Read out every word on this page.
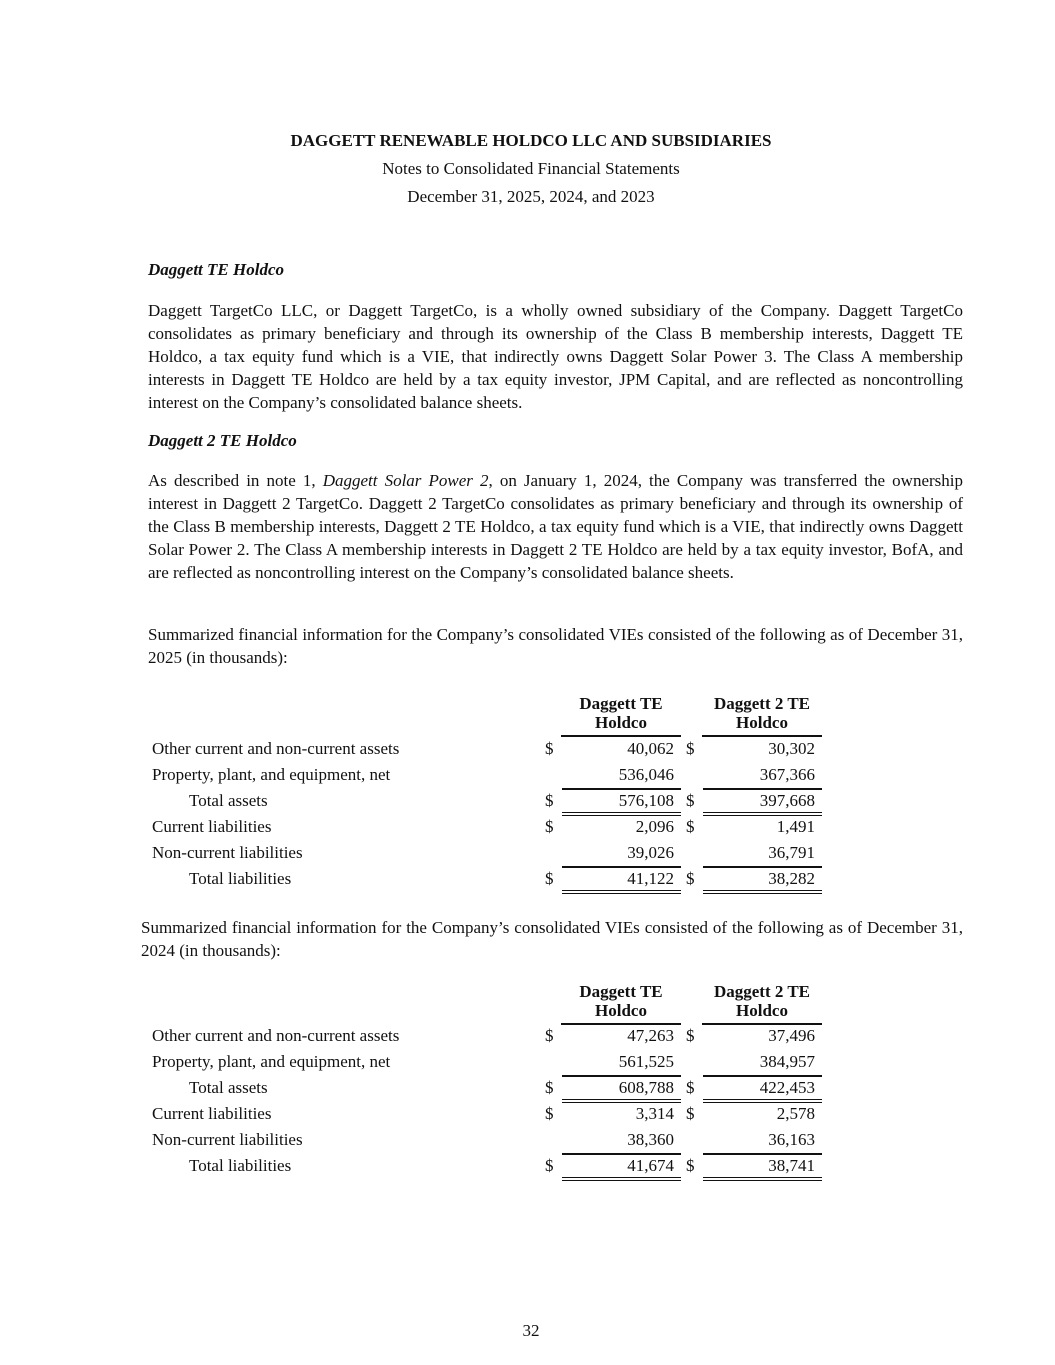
DAGGETT RENEWABLE HOLDCO LLC AND SUBSIDIARIES
Notes to Consolidated Financial Statements
December 31, 2025, 2024, and 2023
Daggett TE Holdco
Daggett TargetCo LLC, or Daggett TargetCo, is a wholly owned subsidiary of the Company. Daggett TargetCo consolidates as primary beneficiary and through its ownership of the Class B membership interests, Daggett TE Holdco, a tax equity fund which is a VIE, that indirectly owns Daggett Solar Power 3. The Class A membership interests in Daggett TE Holdco are held by a tax equity investor, JPM Capital, and are reflected as noncontrolling interest on the Company’s consolidated balance sheets.
Daggett 2 TE Holdco
As described in note 1, Daggett Solar Power 2, on January 1, 2024, the Company was transferred the ownership interest in Daggett 2 TargetCo. Daggett 2 TargetCo consolidates as primary beneficiary and through its ownership of the Class B membership interests, Daggett 2 TE Holdco, a tax equity fund which is a VIE, that indirectly owns Daggett Solar Power 2. The Class A membership interests in Daggett 2 TE Holdco are held by a tax equity investor, BofA, and are reflected as noncontrolling interest on the Company’s consolidated balance sheets.
Summarized financial information for the Company’s consolidated VIEs consisted of the following as of December 31, 2025 (in thousands):
Daggett TE
Holdco
Daggett 2 TE
Holdco
Other current and non-current assets	$	40,062 $	30,302
Property, plant, and equipment, net	536,046	367,366
Total assets	$	576,108 $	397,668
Current liabilities	$	2,096 $	1,491
Non-current liabilities	39,026	36,791
Total liabilities	$	41,122 $	38,282
Summarized financial information for the Company’s consolidated VIEs consisted of the following as of December 31, 2024 (in thousands):
Daggett TE
Holdco
Daggett 2 TE
Holdco
Other current and non-current assets	$	47,263 $	37,496
Property, plant, and equipment, net	561,525	384,957
Total assets	$	608,788 $	422,453
Current liabilities	$	3,314 $	2,578
Non-current liabilities	38,360	36,163
Total liabilities	$	41,674 $	38,741
32
